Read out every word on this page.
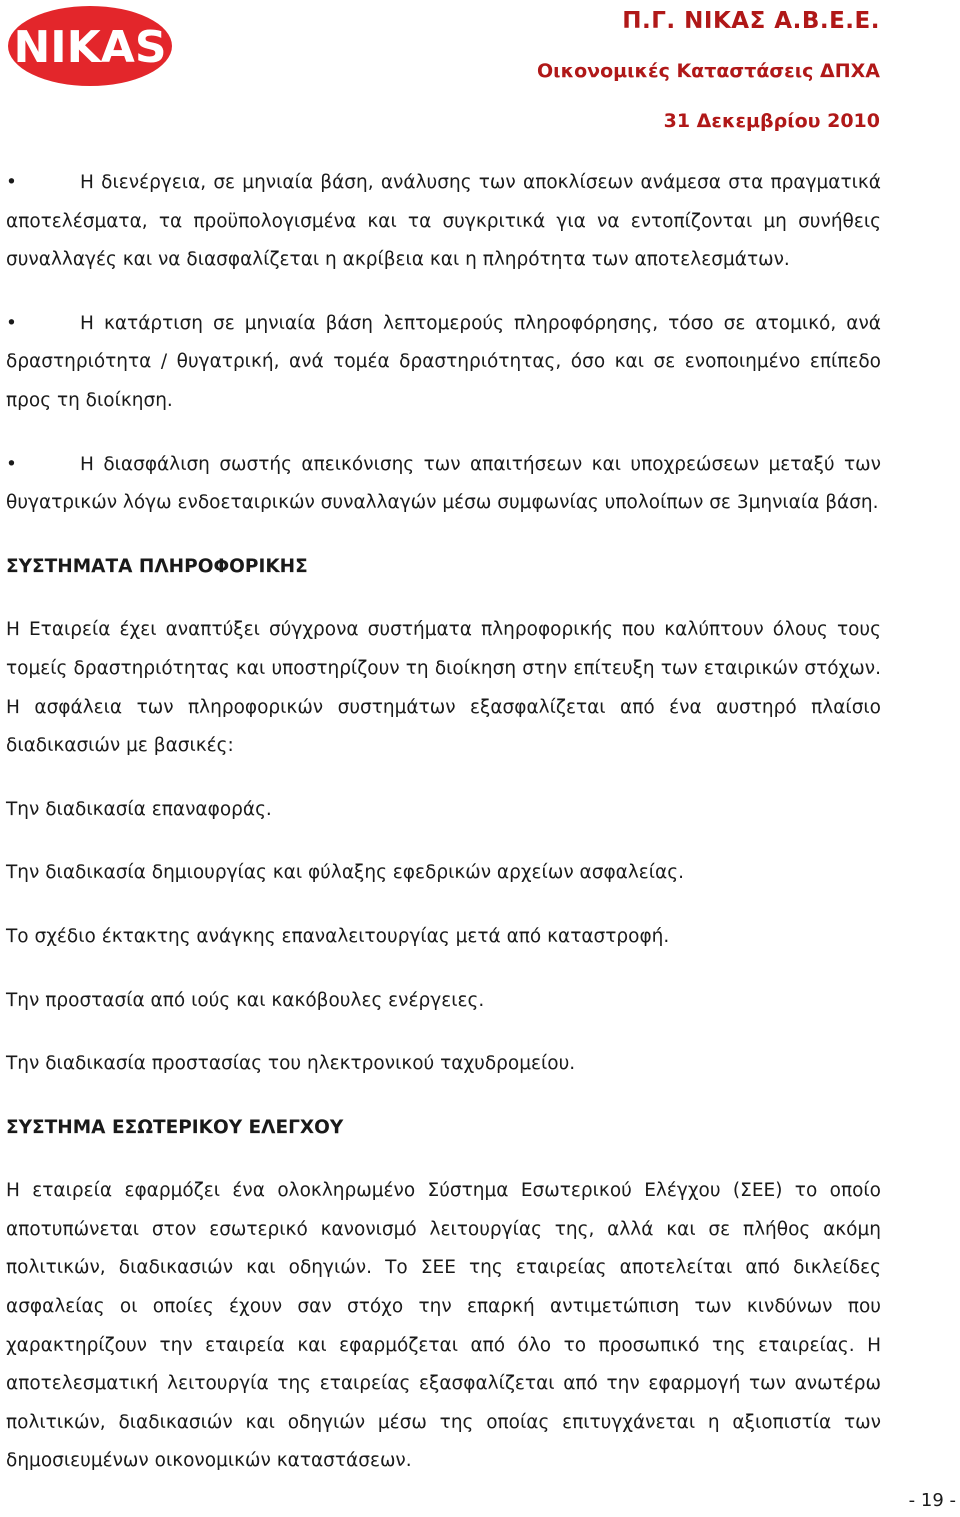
NIKAS
Π.Γ. ΝΙΚΑΣ Α.Β.Ε.Ε.
Οικονομικές Καταστάσεις ΔΠΧΑ
31 Δεκεμβρίου 2010
•	Η διενέργεια, σε μηνιαία βάση, ανάλυσης των αποκλίσεων ανάμεσα στα πραγματικά αποτελέσματα, τα προϋπολογισμένα και τα συγκριτικά για να εντοπίζονται μη συνήθεις συναλλαγές και να διασφαλίζεται η ακρίβεια και η πληρότητα των αποτελεσμάτων.

•	Η κατάρτιση σε μηνιαία βάση λεπτομερούς πληροφόρησης, τόσο σε ατομικό, ανά δραστηριότητα / θυγατρική, ανά τομέα δραστηριότητας, όσο και σε ενοποιημένο επίπεδο προς τη διοίκηση.

•	Η διασφάλιση σωστής απεικόνισης των απαιτήσεων και υποχρεώσεων μεταξύ των θυγατρικών λόγω ενδοεταιρικών συναλλαγών μέσω συμφωνίας υπολοίπων σε 3μηνιαία βάση.

ΣΥΣΤΗΜΑΤΑ ΠΛΗΡΟΦΟΡΙΚΗΣ

Η Εταιρεία έχει αναπτύξει σύγχρονα συστήματα πληροφορικής που καλύπτουν όλους τους τομείς δραστηριότητας και υποστηρίζουν τη διοίκηση στην επίτευξη των εταιρικών στόχων. Η ασφάλεια των πληροφορικών συστημάτων εξασφαλίζεται από ένα αυστηρό πλαίσιο διαδικασιών με βασικές:

Την διαδικασία επαναφοράς.

Την διαδικασία δημιουργίας και φύλαξης εφεδρικών αρχείων ασφαλείας.

Το σχέδιο έκτακτης ανάγκης επαναλειτουργίας μετά από καταστροφή.

Την προστασία από ιούς και κακόβουλες ενέργειες.

Την διαδικασία προστασίας του ηλεκτρονικού ταχυδρομείου.

ΣΥΣΤΗΜΑ ΕΣΩΤΕΡΙΚΟΥ ΕΛΕΓΧΟΥ

Η εταιρεία εφαρμόζει ένα ολοκληρωμένο Σύστημα Εσωτερικού Ελέγχου (ΣΕΕ) το οποίο αποτυπώνεται στον εσωτερικό κανονισμό λειτουργίας της, αλλά και σε πλήθος ακόμη πολιτικών, διαδικασιών και οδηγιών. Το ΣΕΕ της εταιρείας αποτελείται από δικλείδες ασφαλείας οι οποίες έχουν σαν στόχο την επαρκή αντιμετώπιση των κινδύνων που χαρακτηρίζουν την εταιρεία και εφαρμόζεται από όλο το προσωπικό της εταιρείας. Η αποτελεσματική λειτουργία της εταιρείας εξασφαλίζεται από την εφαρμογή των ανωτέρω πολιτικών, διαδικασιών και οδηγιών μέσω της οποίας επιτυγχάνεται η αξιοπιστία των δημοσιευμένων οικονομικών καταστάσεων.

- 19 -
